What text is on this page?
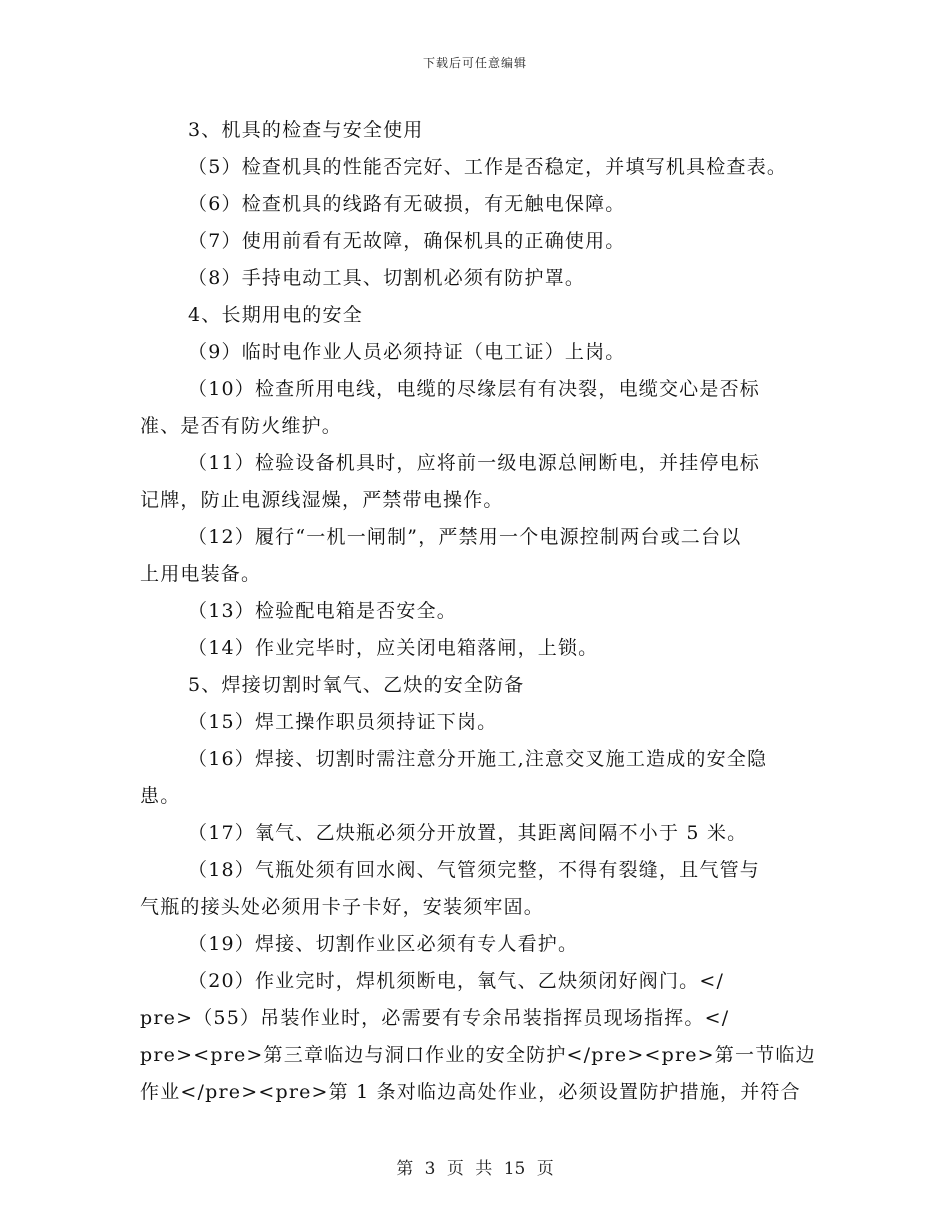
下载后可任意编辑
3、机具的检查与安全使用
（5）检查机具的性能否完好、工作是否稳定，并填写机具检查表。
（6）检查机具的线路有无破损，有无触电保障。
（7）使用前看有无故障，确保机具的正确使用。
（8）手持电动工具、切割机必须有防护罩。
4、长期用电的安全
（9）临时电作业人员必须持证（电工证）上岗。
（10）检查所用电线，电缆的尽缘层有有决裂，电缆交心是否标
准、是否有防火维护。
（11）检验设备机具时，应将前一级电源总闸断电，并挂停电标
记牌，防止电源线湿燥，严禁带电操作。
（12）履行“一机一闸制”，严禁用一个电源控制两台或二台以
上用电装备。
（13）检验配电箱是否安全。
（14）作业完毕时，应关闭电箱落闸，上锁。
5、焊接切割时氧气、乙炔的安全防备
（15）焊工操作职员须持证下岗。
（16）焊接、切割时需注意分开施工,注意交叉施工造成的安全隐
患。
（17）氧气、乙炔瓶必须分开放置，其距离间隔不小于 5 米。
（18）气瓶处须有回水阀、气管须完整，不得有裂缝，且气管与
气瓶的接头处必须用卡子卡好，安装须牢固。
（19）焊接、切割作业区必须有专人看护。
（20）作业完时，焊机须断电，氧气、乙炔须闭好阀门。</
pre>（55）吊装作业时，必需要有专余吊装指挥员现场指挥。</
pre><pre>第三章临边与洞口作业的安全防护</pre><pre>第一节临边
作业</pre><pre>第 1 条对临边高处作业，必须设置防护措施，并符合
第 3 页 共 15 页
